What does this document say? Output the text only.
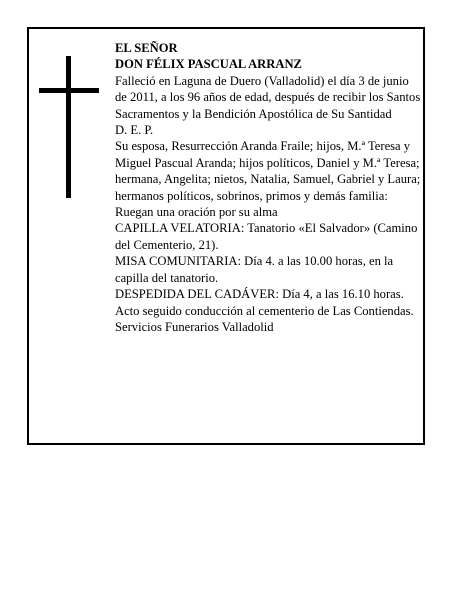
EL SEÑOR

DON FÉLIX PASCUAL ARRANZ

Falleció en Laguna de Duero (Valladolid) el día 3 de junio de 2011, a los 96 años de edad, después de recibir los Santos Sacramentos y la Bendición Apostólica de Su Santidad

D. E. P.

Su esposa, Resurrección Aranda Fraile; hijos, M.ª Teresa y Miguel Pascual Aranda; hijos políticos, Daniel y M.ª Teresa; hermana, Angelita; nietos, Natalia, Samuel, Gabriel y Laura; hermanos políticos, sobrinos, primos y demás familia:

Ruegan una oración por su alma

CAPILLA VELATORIA: Tanatorio «El Salvador» (Camino del Cementerio, 21).

MISA COMUNITARIA: Día 4. a las 10.00 horas, en la capilla del tanatorio.

DESPEDIDA DEL CADÁVER: Día 4, a las 16.10 horas. Acto seguido conducción al cementerio de Las Contiendas.

Servicios Funerarios Valladolid
